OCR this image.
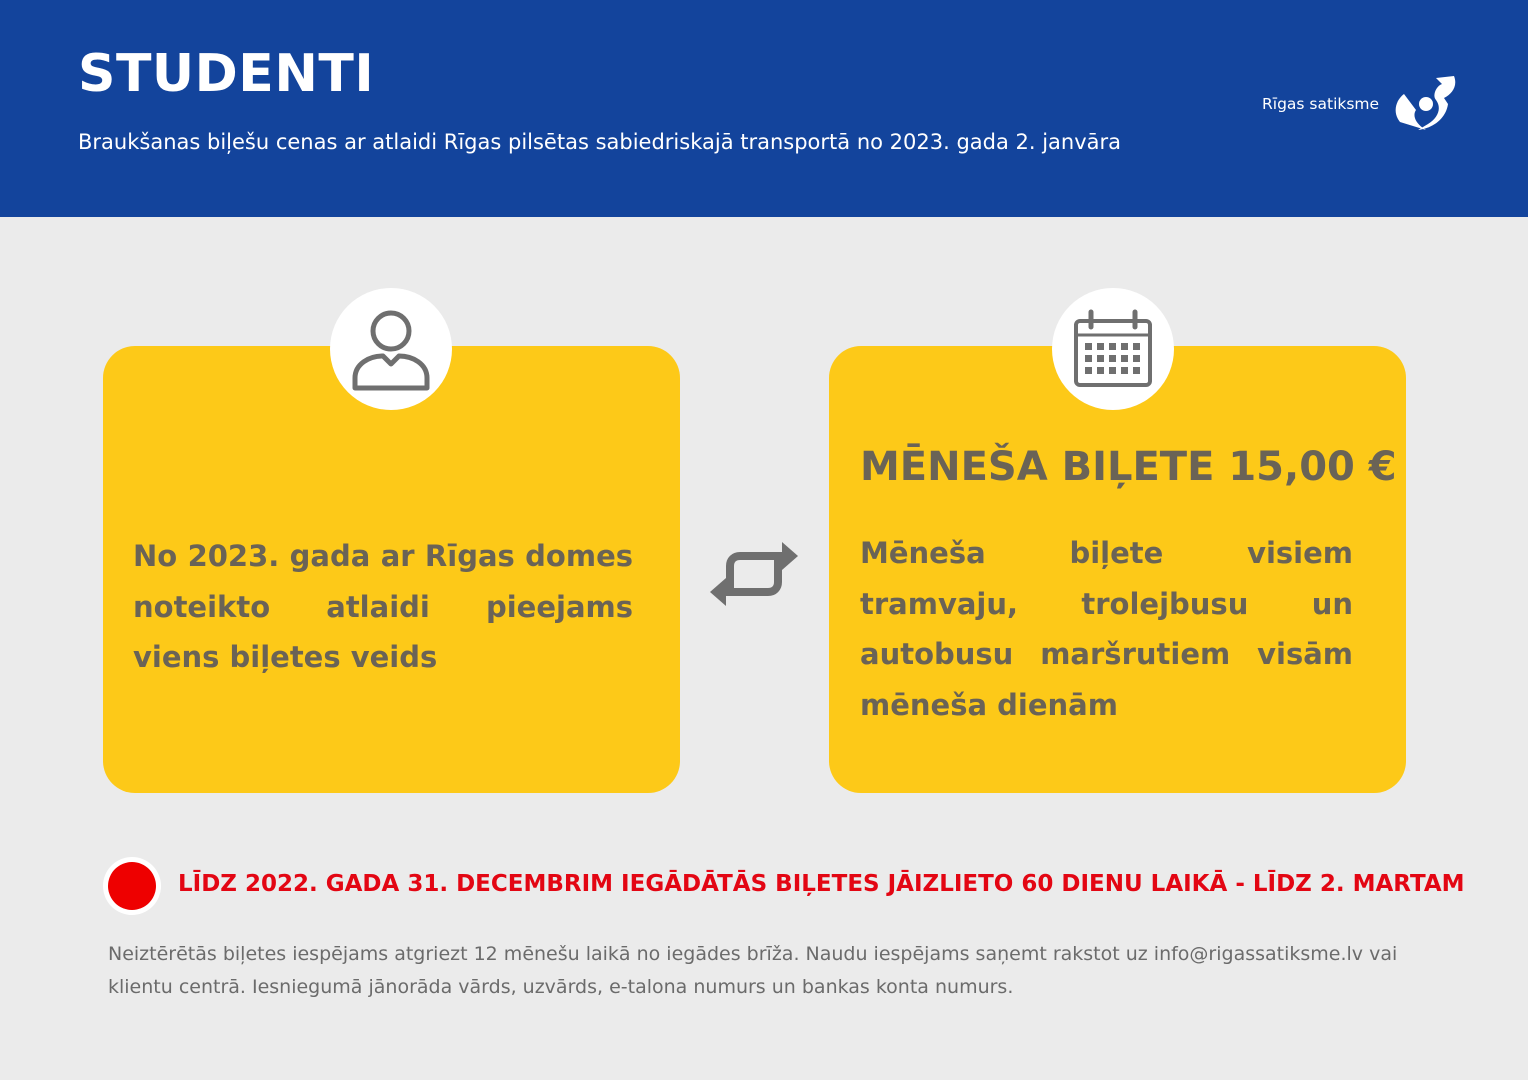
STUDENTI
Braukšanas biļešu cenas ar atlaidi Rīgas pilsētas sabiedriskajā transportā no 2023. gada 2. janvāra
Rīgas satiksme
No 2023. gada ar Rīgas domes noteikto atlaidi pieejams viens biļetes veids
MĒNEŠA BIĻETE 15,00 €
Mēneša biļete visiem tramvaju, trolejbusu un autobusu maršrutiem visām mēneša dienām
LĪDZ 2022. GADA 31. DECEMBRIM IEGĀDĀTĀS BIĻETES JĀIZLIETO 60 DIENU LAIKĀ - LĪDZ 2. MARTAM
Neiztērētās biļetes iespējams atgriezt 12 mēnešu laikā no iegādes brīža. Naudu iespējams saņemt rakstot uz info@rigassatiksme.lv vai klientu centrā. Iesniegumā jānorāda vārds, uzvārds, e-talona numurs un bankas konta numurs.
